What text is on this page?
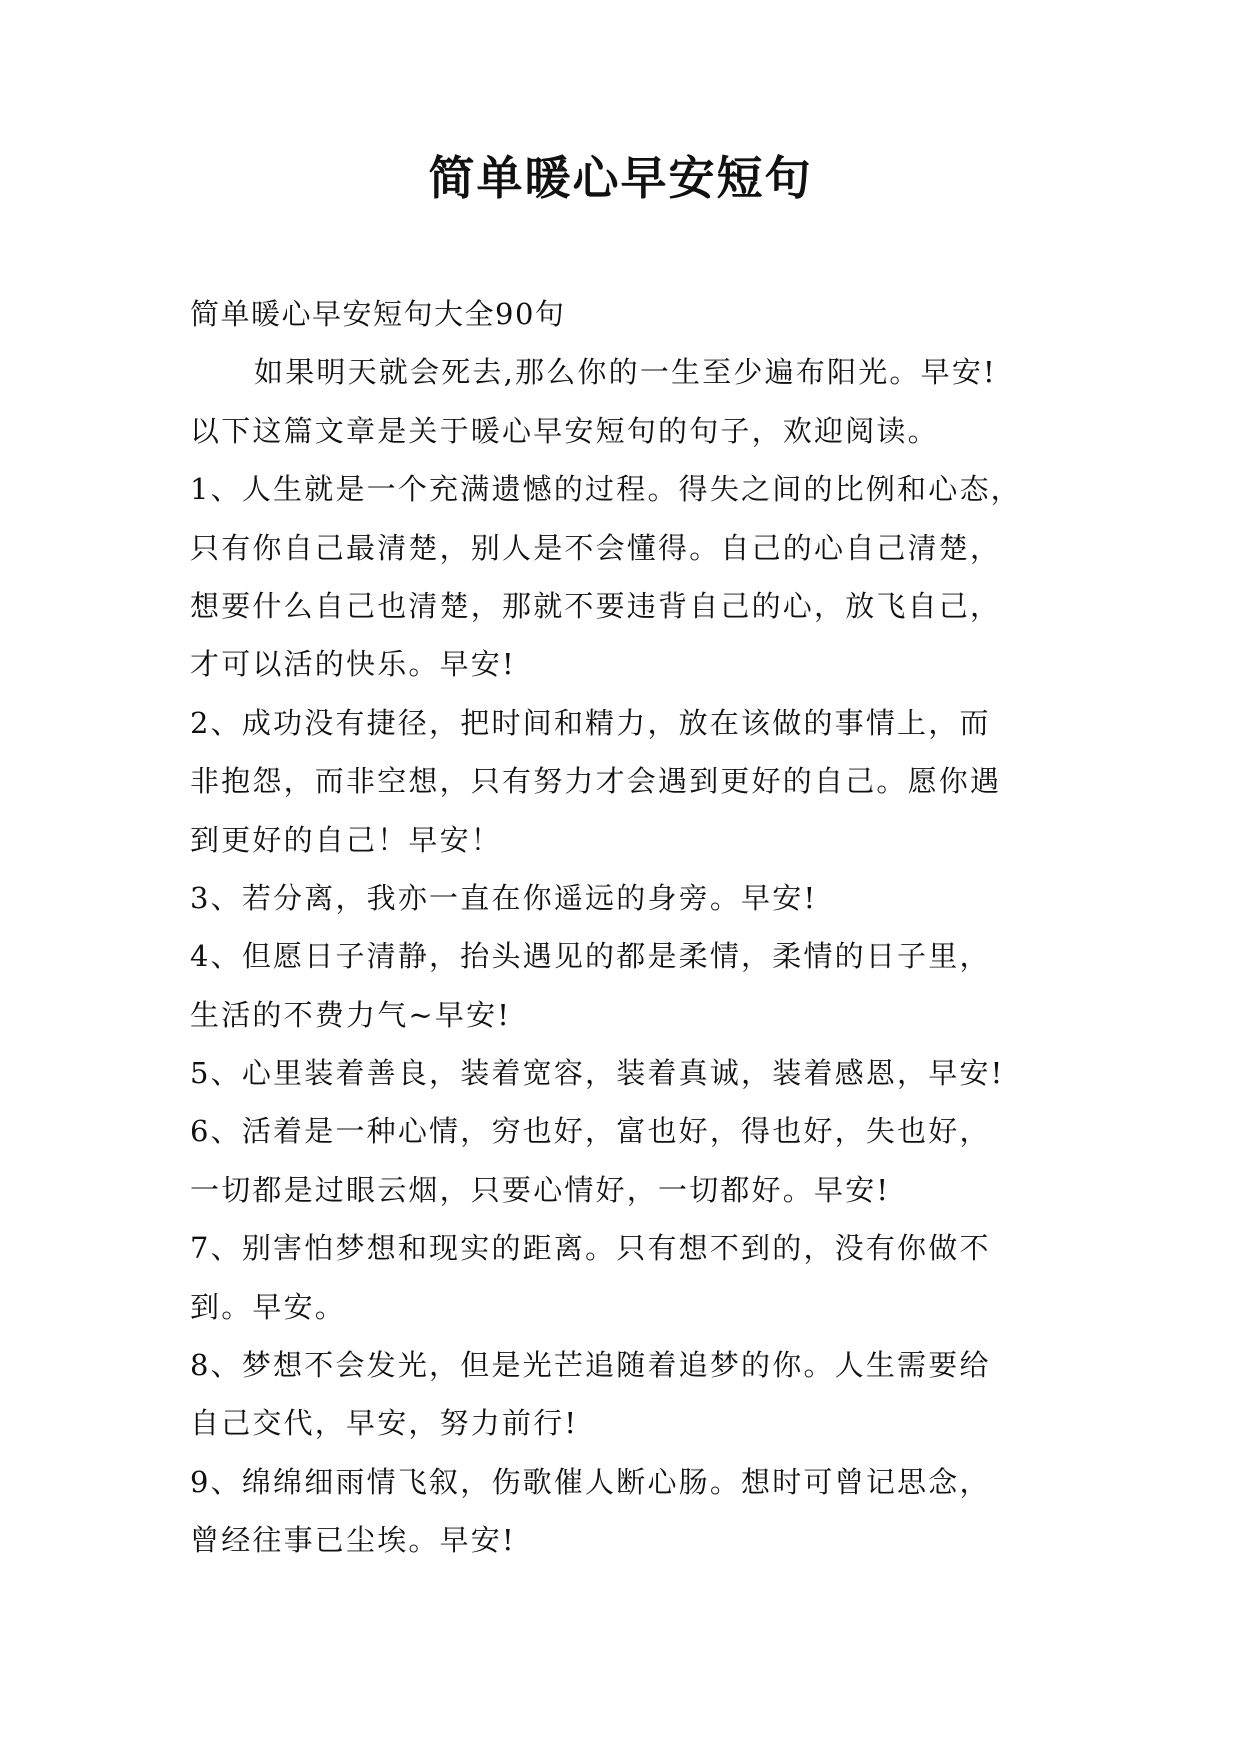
简单暖心早安短句
简单暖心早安短句大全90句
如果明天就会死去,那么你的一生至少遍布阳光。早安!
以下这篇文章是关于暖心早安短句的句子，欢迎阅读。
1、人生就是一个充满遗憾的过程。得失之间的比例和心态，
只有你自己最清楚，别人是不会懂得。自己的心自己清楚，
想要什么自己也清楚，那就不要违背自己的心，放飞自己，
才可以活的快乐。早安!
2、成功没有捷径，把时间和精力，放在该做的事情上，而
非抱怨，而非空想，只有努力才会遇到更好的自己。愿你遇
到更好的自己！早安！
3、若分离，我亦一直在你遥远的身旁。早安!
4、但愿日子清静，抬头遇见的都是柔情，柔情的日子里，
生活的不费力气~早安!
5、心里装着善良，装着宽容，装着真诚，装着感恩，早安!
6、活着是一种心情，穷也好，富也好，得也好，失也好，
一切都是过眼云烟，只要心情好，一切都好。早安!
7、别害怕梦想和现实的距离。只有想不到的，没有你做不
到。早安。
8、梦想不会发光，但是光芒追随着追梦的你。人生需要给
自己交代，早安，努力前行!
9、绵绵细雨情飞叙，伤歌催人断心肠。想时可曾记思念，
曾经往事已尘埃。早安!
